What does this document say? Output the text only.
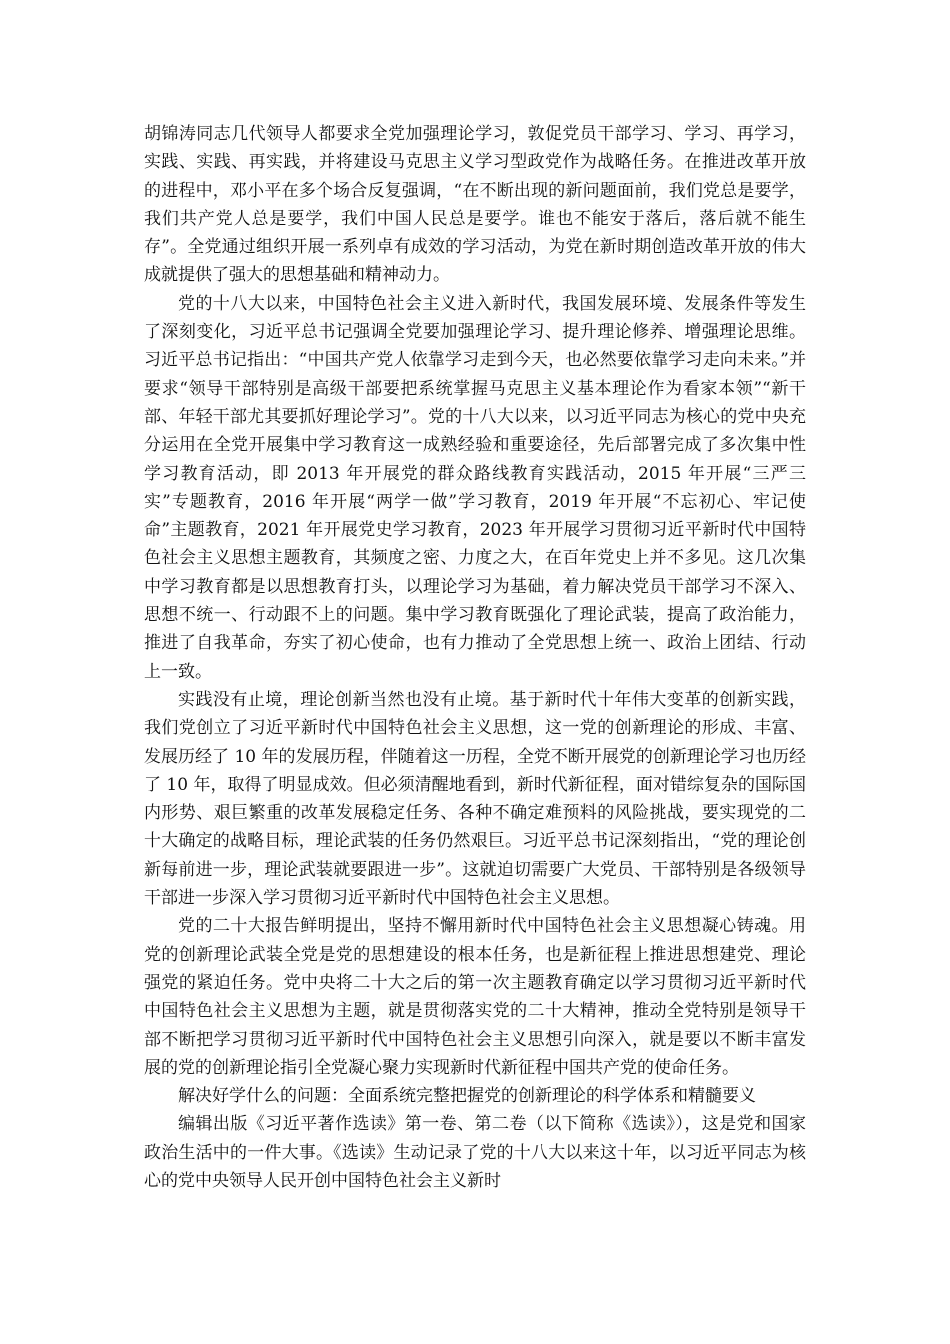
胡锦涛同志几代领导人都要求全党加强理论学习，敦促党员干部学习、学习、再学习，实践、实践、再实践，并将建设马克思主义学习型政党作为战略任务。在推进改革开放的进程中，邓小平在多个场合反复强调，“在不断出现的新问题面前，我们党总是要学，我们共产党人总是要学，我们中国人民总是要学。谁也不能安于落后，落后就不能生存”。全党通过组织开展一系列卓有成效的学习活动，为党在新时期创造改革开放的伟大成就提供了强大的思想基础和精神动力。

党的十八大以来，中国特色社会主义进入新时代，我国发展环境、发展条件等发生了深刻变化，习近平总书记强调全党要加强理论学习、提升理论修养、增强理论思维。习近平总书记指出：“中国共产党人依靠学习走到今天，也必然要依靠学习走向未来。”并要求“领导干部特别是高级干部要把系统掌握马克思主义基本理论作为看家本领”“新干部、年轻干部尤其要抓好理论学习”。党的十八大以来，以习近平同志为核心的党中央充分运用在全党开展集中学习教育这一成熟经验和重要途径，先后部署完成了多次集中性学习教育活动，即 2013 年开展党的群众路线教育实践活动，2015 年开展“三严三实”专题教育，2016 年开展“两学一做”学习教育，2019 年开展“不忘初心、牢记使命”主题教育，2021 年开展党史学习教育，2023 年开展学习贯彻习近平新时代中国特色社会主义思想主题教育，其频度之密、力度之大，在百年党史上并不多见。这几次集中学习教育都是以思想教育打头，以理论学习为基础，着力解决党员干部学习不深入、思想不统一、行动跟不上的问题。集中学习教育既强化了理论武装，提高了政治能力，推进了自我革命，夯实了初心使命，也有力推动了全党思想上统一、政治上团结、行动上一致。

实践没有止境，理论创新当然也没有止境。基于新时代十年伟大变革的创新实践，我们党创立了习近平新时代中国特色社会主义思想，这一党的创新理论的形成、丰富、发展历经了 10 年的发展历程，伴随着这一历程，全党不断开展党的创新理论学习也历经了 10 年，取得了明显成效。但必须清醒地看到，新时代新征程，面对错综复杂的国际国内形势、艰巨繁重的改革发展稳定任务、各种不确定难预料的风险挑战，要实现党的二十大确定的战略目标，理论武装的任务仍然艰巨。习近平总书记深刻指出，“党的理论创新每前进一步，理论武装就要跟进一步”。这就迫切需要广大党员、干部特别是各级领导干部进一步深入学习贯彻习近平新时代中国特色社会主义思想。

党的二十大报告鲜明提出，坚持不懈用新时代中国特色社会主义思想凝心铸魂。用党的创新理论武装全党是党的思想建设的根本任务，也是新征程上推进思想建党、理论强党的紧迫任务。党中央将二十大之后的第一次主题教育确定以学习贯彻习近平新时代中国特色社会主义思想为主题，就是贯彻落实党的二十大精神，推动全党特别是领导干部不断把学习贯彻习近平新时代中国特色社会主义思想引向深入，就是要以不断丰富发展的党的创新理论指引全党凝心聚力实现新时代新征程中国共产党的使命任务。

解决好学什么的问题：全面系统完整把握党的创新理论的科学体系和精髓要义

编辑出版《习近平著作选读》第一卷、第二卷（以下简称《选读》），这是党和国家政治生活中的一件大事。《选读》生动记录了党的十八大以来这十年，以习近平同志为核心的党中央领导人民开创中国特色社会主义新时
